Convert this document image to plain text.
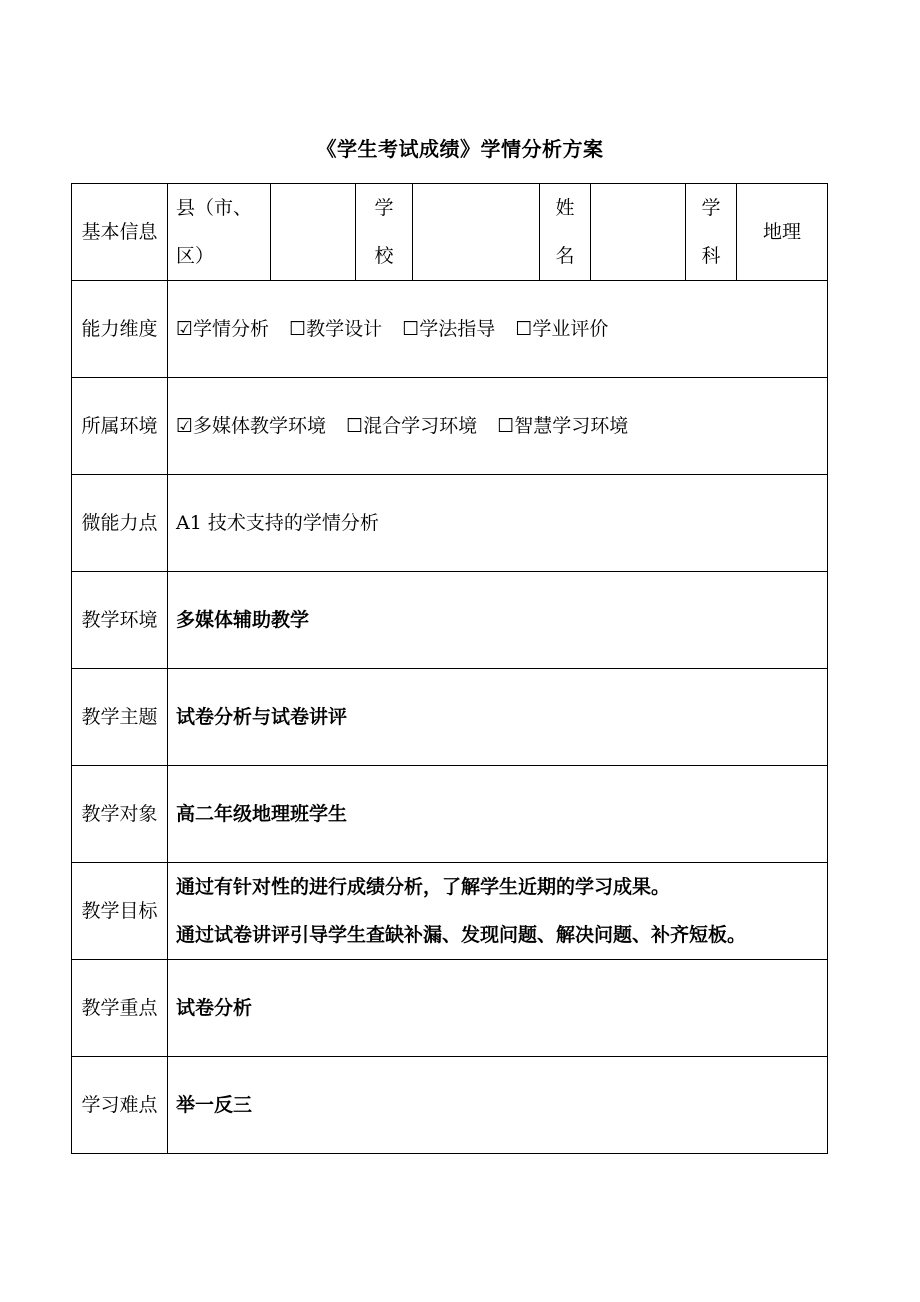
《学生考试成绩》学情分析方案
基本信息	县（市、区）		学校		姓名		学科	地理

能力维度	☑学情分析 ☐教学设计 ☐学法指导 ☐学业评价							

所属环境	☑多媒体教学环境 ☐混合学习环境 ☐智慧学习环境							

微能力点	A1 技术支持的学情分析							

教学环境	多媒体辅助教学							

教学主题	试卷分析与试卷讲评							

教学对象	高二年级地理班学生							

教学目标	通过有针对性的进行成绩分析，了解学生近期的学习成果。
通过试卷讲评引导学生查缺补漏、发现问题、解决问题、补齐短板。							

教学重点	试卷分析							

学习难点	举一反三							
